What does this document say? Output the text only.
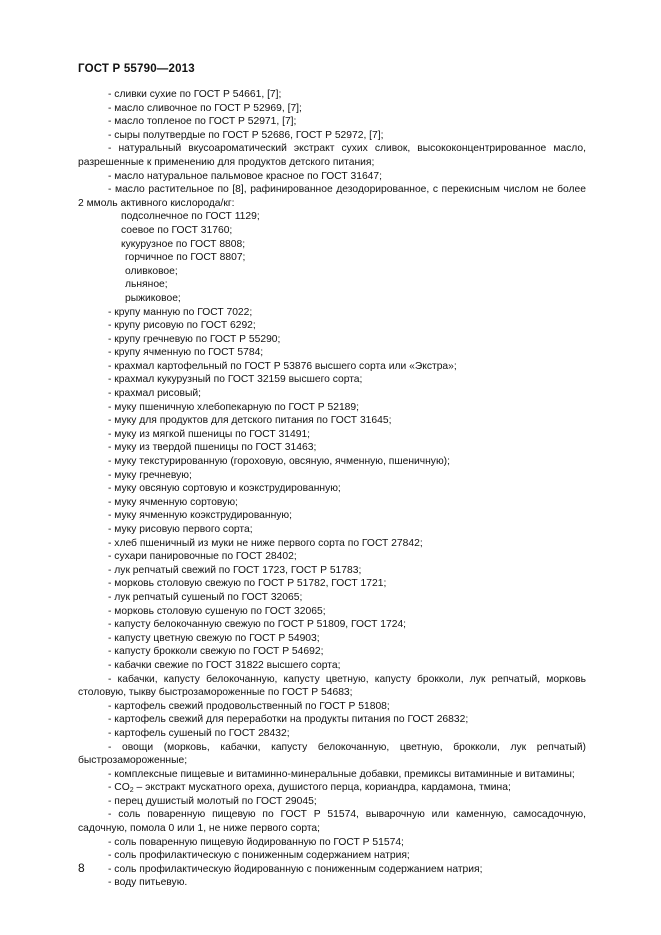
ГОСТ Р 55790—2013
- сливки сухие по ГОСТ Р 54661, [7];
- масло сливочное по ГОСТ Р 52969, [7];
- масло топленое по ГОСТ Р 52971, [7];
- сыры полутвердые по ГОСТ Р 52686, ГОСТ Р 52972, [7];
- натуральный вкусоароматический экстракт сухих сливок, высококонцентрированное масло, разрешенные к применению для продуктов детского питания;
- масло натуральное пальмовое красное по ГОСТ 31647;
- масло растительное по [8], рафинированное дезодорированное, с перекисным числом не более 2 ммоль активного кислорода/кг:
подсолнечное по ГОСТ 1129;
соевое по ГОСТ 31760;
кукурузное по ГОСТ 8808;
горчичное по ГОСТ 8807;
оливковое;
льняное;
рыжиковое;
- крупу манную по ГОСТ 7022;
- крупу рисовую по ГОСТ 6292;
- крупу гречневую по ГОСТ Р 55290;
- крупу ячменную по ГОСТ 5784;
- крахмал картофельный по ГОСТ Р 53876 высшего сорта или «Экстра»;
- крахмал кукурузный по ГОСТ 32159 высшего сорта;
- крахмал рисовый;
- муку пшеничную хлебопекарную по ГОСТ Р 52189;
- муку для продуктов для детского питания по ГОСТ 31645;
- муку из мягкой пшеницы по ГОСТ 31491;
- муку из твердой пшеницы по ГОСТ 31463;
- муку текстурированную (гороховую, овсяную, ячменную, пшеничную);
- муку гречневую;
- муку овсяную сортовую и коэкструдированную;
- муку ячменную сортовую;
- муку ячменную коэкструдированную;
- муку рисовую первого сорта;
- хлеб пшеничный из муки не ниже первого сорта по ГОСТ 27842;
- сухари панировочные по ГОСТ 28402;
- лук репчатый свежий по ГОСТ 1723, ГОСТ Р 51783;
- морковь столовую свежую по ГОСТ Р 51782, ГОСТ 1721;
- лук репчатый сушеный по ГОСТ 32065;
- морковь столовую сушеную по ГОСТ 32065;
- капусту белокочанную свежую по ГОСТ Р 51809, ГОСТ 1724;
- капусту цветную свежую по ГОСТ Р 54903;
- капусту брокколи свежую по ГОСТ Р 54692;
- кабачки свежие по ГОСТ 31822 высшего сорта;
- кабачки, капусту белокочанную, капусту цветную, капусту брокколи, лук репчатый, морковь столовую, тыкву быстрозамороженные по ГОСТ Р 54683;
- картофель свежий продовольственный по ГОСТ Р 51808;
- картофель свежий для переработки на продукты питания по ГОСТ 26832;
- картофель сушеный по ГОСТ 28432;
- овощи (морковь, кабачки, капусту белокочанную, цветную, брокколи, лук репчатый) быстрозамороженные;
- комплексные пищевые и витаминно-минеральные добавки, премиксы витаминные и витамины;
- $CO_2$ – экстракт мускатного ореха, душистого перца, кориандра, кардамона, тмина;
- перец душистый молотый по ГОСТ 29045;
- соль поваренную пищевую по ГОСТ Р 51574, выварочную или каменную, самосадочную, садочную, помола 0 или 1, не ниже первого сорта;
- соль поваренную пищевую йодированную по ГОСТ Р 51574;
- соль профилактическую с пониженным содержанием натрия;
- соль профилактическую йодированную с пониженным содержанием натрия;
- воду питьевую.
8
